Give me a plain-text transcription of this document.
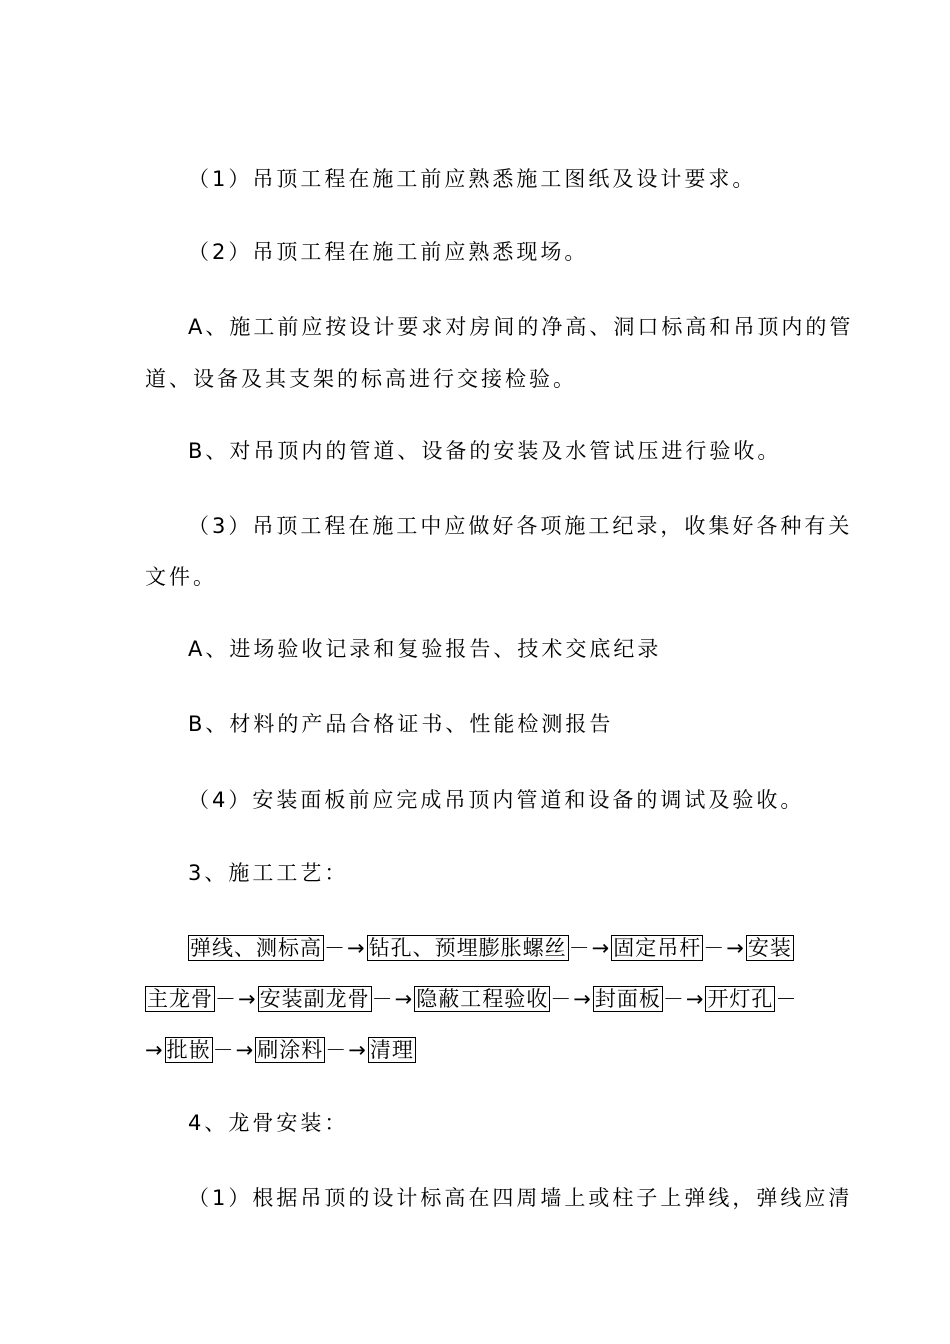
（1）吊顶工程在施工前应熟悉施工图纸及设计要求。
（2）吊顶工程在施工前应熟悉现场。
A、施工前应按设计要求对房间的净高、洞口标高和吊顶内的管
道、设备及其支架的标高进行交接检验。
B、对吊顶内的管道、设备的安装及水管试压进行验收。
（3）吊顶工程在施工中应做好各项施工纪录，收集好各种有关
文件。
A、进场验收记录和复验报告、技术交底纪录
B、材料的产品合格证书、性能检测报告
（4）安装面板前应完成吊顶内管道和设备的调试及验收。
3、施工工艺：
弹线、测标高－→钻孔、预埋膨胀螺丝－→固定吊杆－→安装
主龙骨－→安装副龙骨－→隐蔽工程验收－→封面板－→开灯孔－
→批嵌－→刷涂料－→清理
4、龙骨安装：
（1）根据吊顶的设计标高在四周墙上或柱子上弹线，弹线应清
